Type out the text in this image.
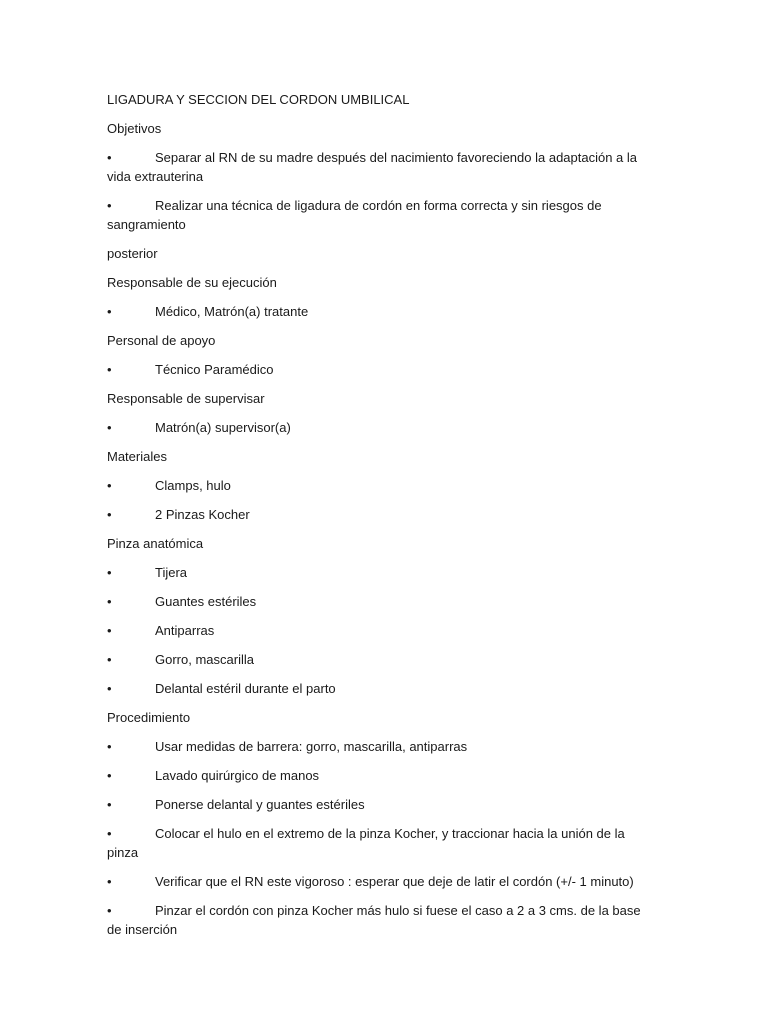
LIGADURA Y SECCION DEL CORDON UMBILICAL
Objetivos
•	Separar al RN de su madre después del nacimiento favoreciendo la adaptación a la vida extrauterina
•	Realizar una técnica de ligadura de cordón en forma correcta y sin riesgos de sangramiento
posterior
Responsable de su ejecución
•	Médico, Matrón(a) tratante
Personal de apoyo
•	Técnico Paramédico
Responsable de supervisar
•	Matrón(a) supervisor(a)
Materiales
•	Clamps, hulo
•	2 Pinzas Kocher
Pinza anatómica
•	Tijera
•	Guantes estériles
•	Antiparras
•	Gorro, mascarilla
•	Delantal estéril durante el parto
Procedimiento
•	Usar medidas de barrera: gorro, mascarilla, antiparras
•	Lavado quirúrgico de manos
•	Ponerse delantal y guantes estériles
•	Colocar el hulo en el extremo de la pinza Kocher, y traccionar hacia la unión de la pinza
•	Verificar que el RN este vigoroso : esperar que deje de latir el cordón (+/- 1 minuto)
•	Pinzar el cordón con pinza Kocher más hulo si fuese el caso a 2 a 3 cms. de la base de inserción
